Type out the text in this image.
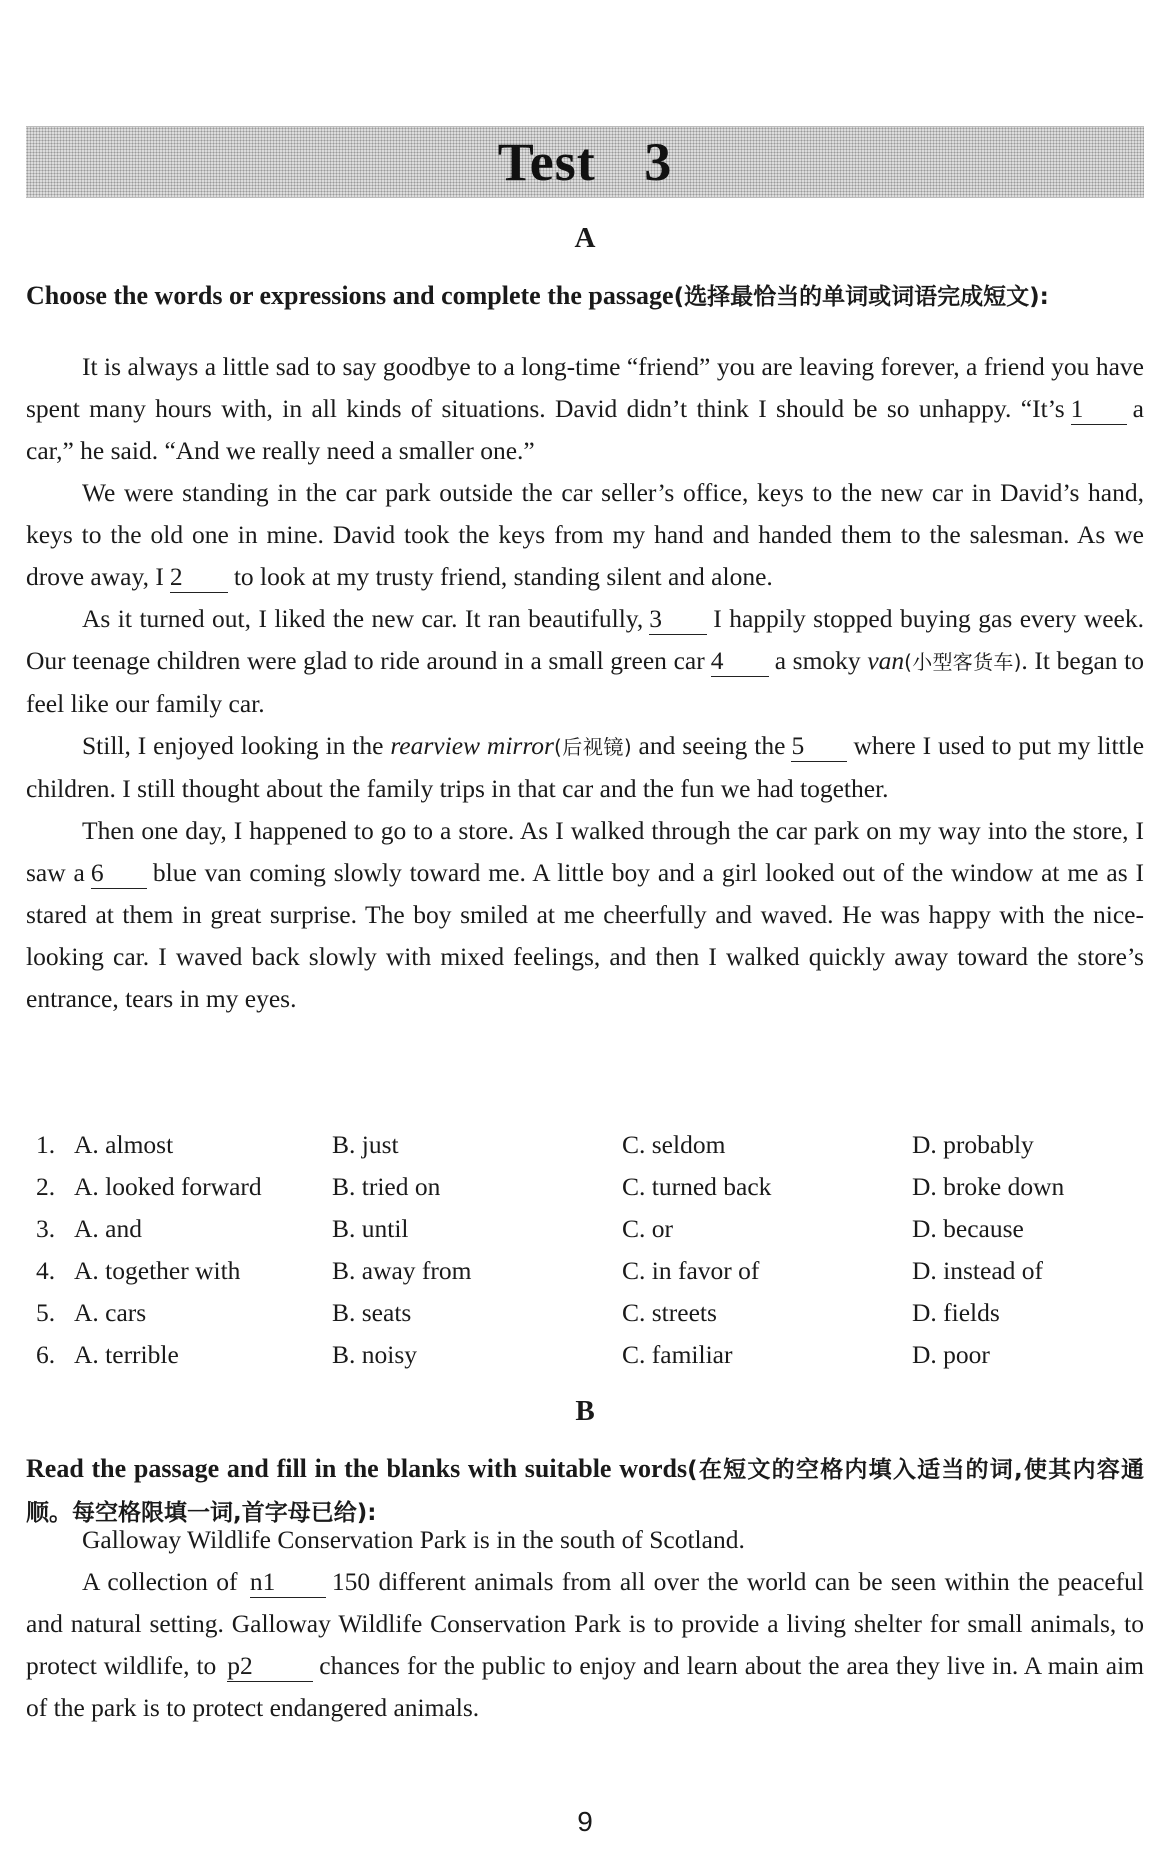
Test 3
A
Choose the words or expressions and complete the passage(选择最恰当的单词或词语完成短文):

It is always a little sad to say goodbye to a long-time “friend” you are leaving forever, a friend you have spent many hours with, in all kinds of situations. David didn’t think I should be so unhappy. “It’s 1 a car,” he said. “And we really need a smaller one.”

We were standing in the car park outside the car seller’s office, keys to the new car in David’s hand, keys to the old one in mine. David took the keys from my hand and handed them to the salesman. As we drove away, I 2 to look at my trusty friend, standing silent and alone.

As it turned out, I liked the new car. It ran beautifully, 3 I happily stopped buying gas every week. Our teenage children were glad to ride around in a small green car 4 a smoky van(小型客货车). It began to feel like our family car.

Still, I enjoyed looking in the rearview mirror(后视镜) and seeing the 5 where I used to put my little children. I still thought about the family trips in that car and the fun we had together.

Then one day, I happened to go to a store. As I walked through the car park on my way into the store, I saw a 6 blue van coming slowly toward me. A little boy and a girl looked out of the window at me as I stared at them in great surprise. The boy smiled at me cheerfully and waved. He was happy with the nice-looking car. I waved back slowly with mixed feelings, and then I walked quickly away toward the store’s entrance, tears in my eyes.

1. A. almost	B. just	C. seldom	D. probably
2. A. looked forward	B. tried on	C. turned back	D. broke down
3. A. and	B. until	C. or	D. because
4. A. together with	B. away from	C. in favor of	D. instead of
5. A. cars	B. seats	C. streets	D. fields
6. A. terrible	B. noisy	C. familiar	D. poor
B
Read the passage and fill in the blanks with suitable words(在短文的空格内填入适当的词,使其内容通顺。每空格限填一词,首字母已给):

Galloway Wildlife Conservation Park is in the south of Scotland.

A collection of n1 150 different animals from all over the world can be seen within the peaceful and natural setting. Galloway Wildlife Conservation Park is to provide a living shelter for small animals, to protect wildlife, to p2	chances for the public to enjoy and learn about the area they live in. A main aim of the park is to protect endangered animals.

9
